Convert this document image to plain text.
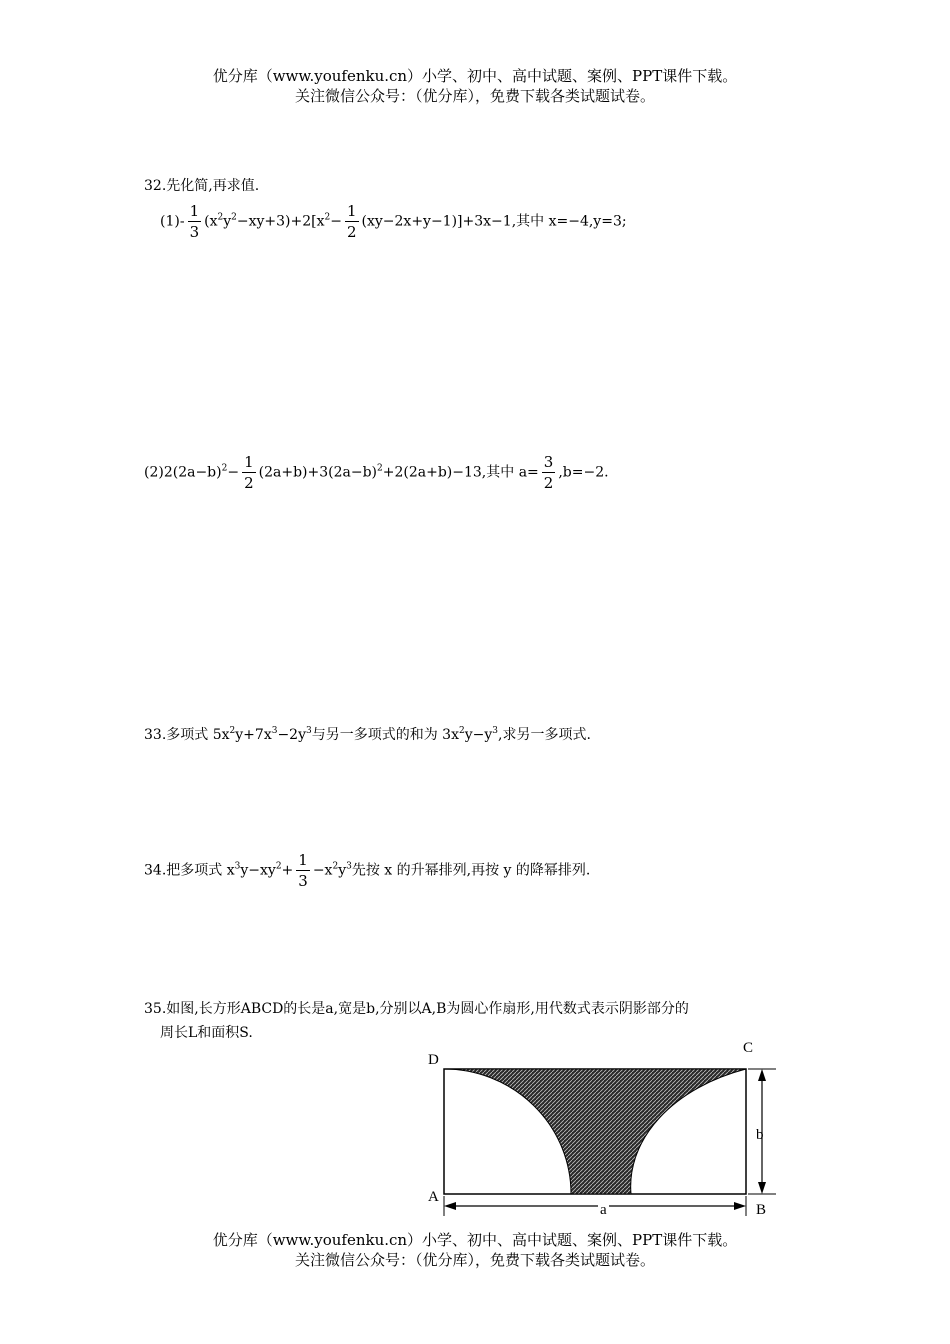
优分库（www.youfenku.cn）小学、初中、高中试题、案例、PPT课件下载。
关注微信公众号：（优分库），免费下载各类试题试卷。
32.先化简,再求值.
$(1)- \frac{1}{3} (x^2y^2-xy+3)+2[x^2- \frac{1}{2} (xy-2x+y-1)]+3x-1$,其中 x=−4,y=3;
$(2)2(2a-b)^2- \frac{1}{2} (2a+b)+3(2a-b)^2+2(2a+b)-13$,其中 $a= \frac{3}{2} ,b=-2$.
33.多项式 $5x^2y+7x^3-2y^3$与另一多项式的和为 $3x^2y-y^3$,求另一多项式.
34.把多项式 $x^3y-xy^2+ \frac{1}{3} -x^2y^3$先按 x 的升幂排列,再按 y 的降幂排列.
35.如图,长方形ABCD的长是a,宽是b,分别以A,B为圆心作扇形,用代数式表示阴影部分的
周长L和面积S.
D
C
A
B
a
b
优分库（www.youfenku.cn）小学、初中、高中试题、案例、PPT课件下载。
关注微信公众号：（优分库），免费下载各类试题试卷。
